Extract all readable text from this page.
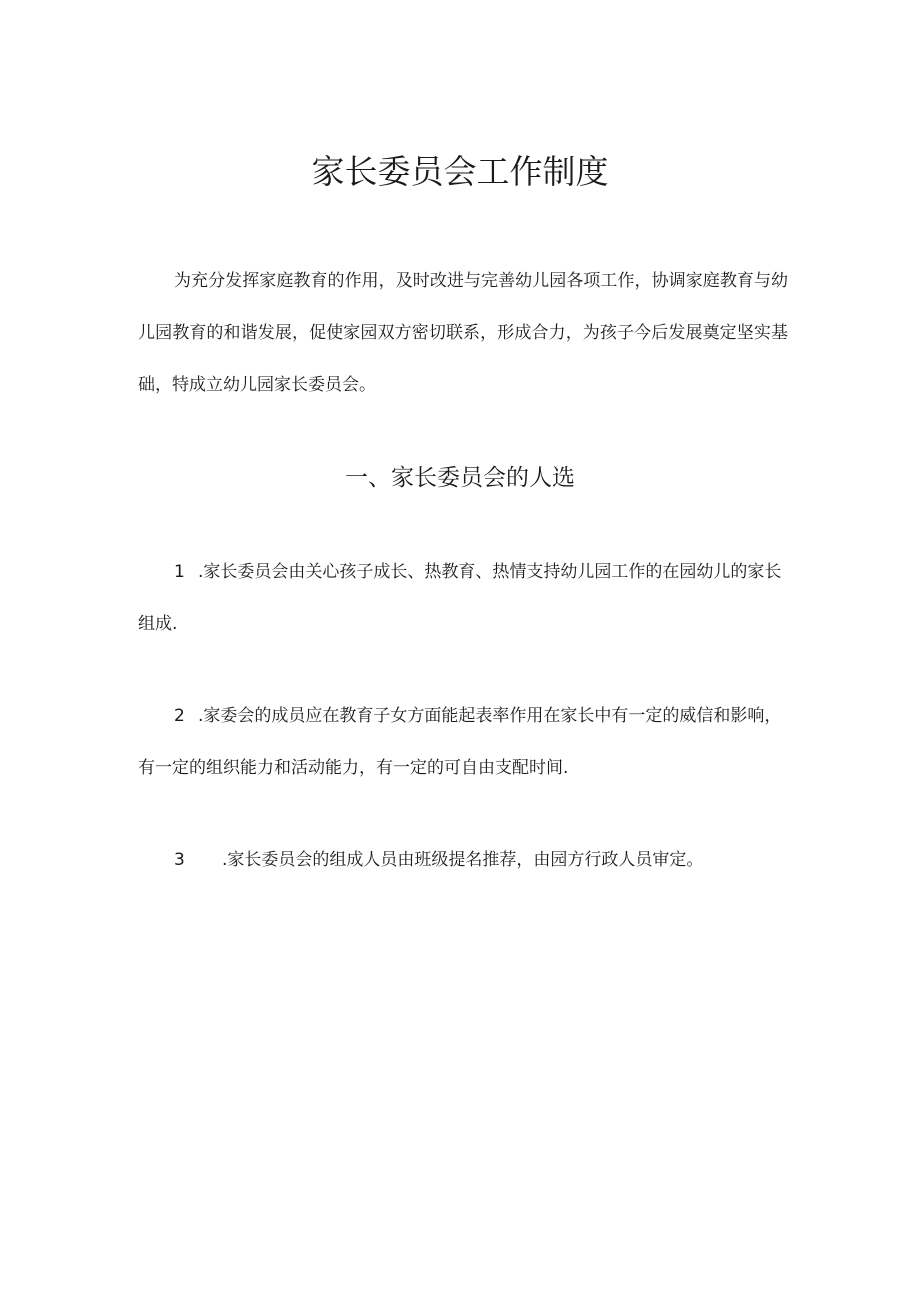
家长委员会工作制度

为充分发挥家庭教育的作用，及时改进与完善幼儿园各项工作，协调家庭教育与幼儿园教育的和谐发展，促使家园双方密切联系，形成合力，为孩子今后发展奠定坚实基础，特成立幼儿园家长委员会。

一、家长委员会的人选

1 .家长委员会由关心孩子成长、热教育、热情支持幼儿园工作的在园幼儿的家长组成.

2 .家委会的成员应在教育子女方面能起表率作用在家长中有一定的威信和影响，有一定的组织能力和活动能力，有一定的可自由支配时间.

3 .家长委员会的组成人员由班级提名推荐，由园方行政人员审定。
